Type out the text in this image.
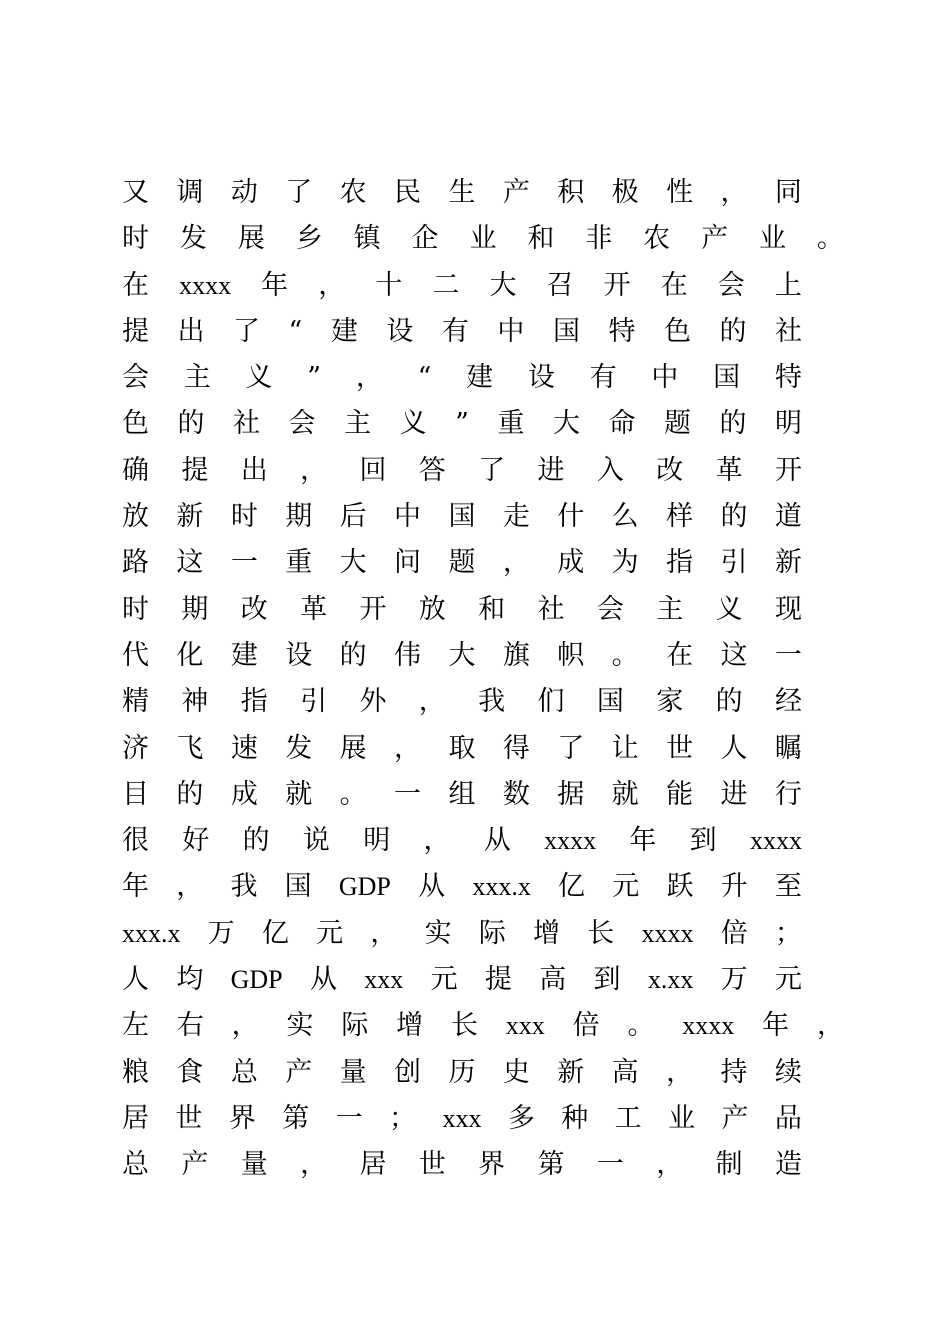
又 调 动 了 农 民 生 产 积 极 性 ， 同
时 发 展 乡 镇 企 业 和 非 农 产 业 。
在 xxxx 年 ， 十 二 大 召 开 在 会 上
提 出 了 “ 建 设 有 中 国 特 色 的 社
会 主 义 ” ， “ 建 设 有 中 国 特
色 的 社 会 主 义 ” 重 大 命 题 的 明
确 提 出 ， 回 答 了 进 入 改 革 开
放 新 时 期 后 中 国 走 什 么 样 的 道
路 这 一 重 大 问 题 ， 成 为 指 引 新
时 期 改 革 开 放 和 社 会 主 义 现
代 化 建 设 的 伟 大 旗 帜 。 在 这 一
精 神 指 引 外 ， 我 们 国 家 的 经
济 飞 速 发 展 ， 取 得 了 让 世 人 瞩
目 的 成 就 。 一 组 数 据 就 能 进 行
很 好 的 说 明 ， 从 xxxx 年 到 xxxx
年 ， 我 国 GDP 从 xxx.x 亿 元 跃 升 至
xxx.x 万 亿 元 ， 实 际 增 长 xxxx 倍 ；
人 均 GDP 从 xxx 元 提 高 到 x.xx 万 元
左 右 ， 实 际 增 长 xxx 倍 。 xxxx 年 ，
粮 食 总 产 量 创 历 史 新 高 ， 持 续
居 世 界 第 一 ； xxx 多 种 工 业 产 品
总 产 量 ， 居 世 界 第 一 ， 制 造
